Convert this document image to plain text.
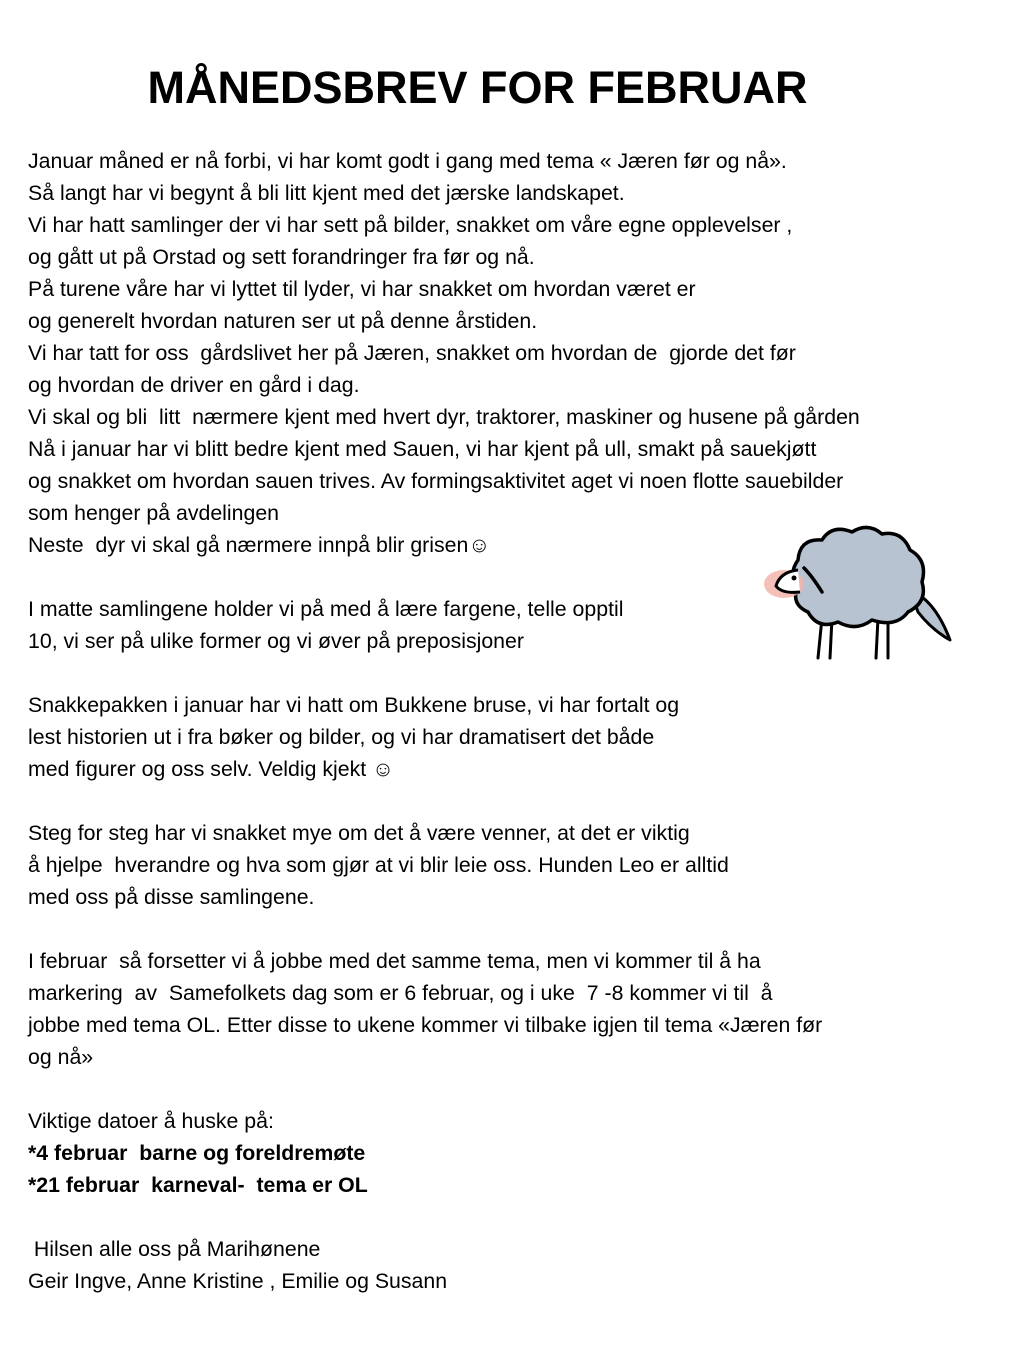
MÅNEDSBREV FOR FEBRUAR
Januar måned er nå forbi, vi har komt godt i gang med tema « Jæren før og nå».
Så langt har vi begynt å bli litt kjent med det jærske landskapet.
Vi har hatt samlinger der vi har sett på bilder, snakket om våre egne opplevelser ,
og gått ut på Orstad og sett forandringer fra før og nå.
På turene våre har vi lyttet til lyder, vi har snakket om hvordan været er
og generelt hvordan naturen ser ut på denne årstiden.
Vi har tatt for oss  gårdslivet her på Jæren, snakket om hvordan de  gjorde det før
og hvordan de driver en gård i dag.
Vi skal og bli  litt  nærmere kjent med hvert dyr, traktorer, maskiner og husene på gården
Nå i januar har vi blitt bedre kjent med Sauen, vi har kjent på ull, smakt på sauekjøtt
og snakket om hvordan sauen trives. Av formingsaktivitet aget vi noen flotte sauebilder
som henger på avdelingen
Neste  dyr vi skal gå nærmere innpå blir grisen☺
I matte samlingene holder vi på med å lære fargene, telle opptil
10, vi ser på ulike former og vi øver på preposisjoner
Snakkepakken i januar har vi hatt om Bukkene bruse, vi har fortalt og
lest historien ut i fra bøker og bilder, og vi har dramatisert det både
med figurer og oss selv. Veldig kjekt ☺
Steg for steg har vi snakket mye om det å være venner, at det er viktig
å hjelpe  hverandre og hva som gjør at vi blir leie oss. Hunden Leo er alltid
med oss på disse samlingene.
I februar  så forsetter vi å jobbe med det samme tema, men vi kommer til å ha
markering  av  Samefolkets dag som er 6 februar, og i uke  7 -8 kommer vi til  å
jobbe med tema OL. Etter disse to ukene kommer vi tilbake igjen til tema «Jæren før
og nå»
Viktige datoer å huske på:
*4 februar  barne og foreldremøte
*21 februar  karneval-  tema er OL
Hilsen alle oss på Marihønene
Geir Ingve, Anne Kristine , Emilie og Susann
